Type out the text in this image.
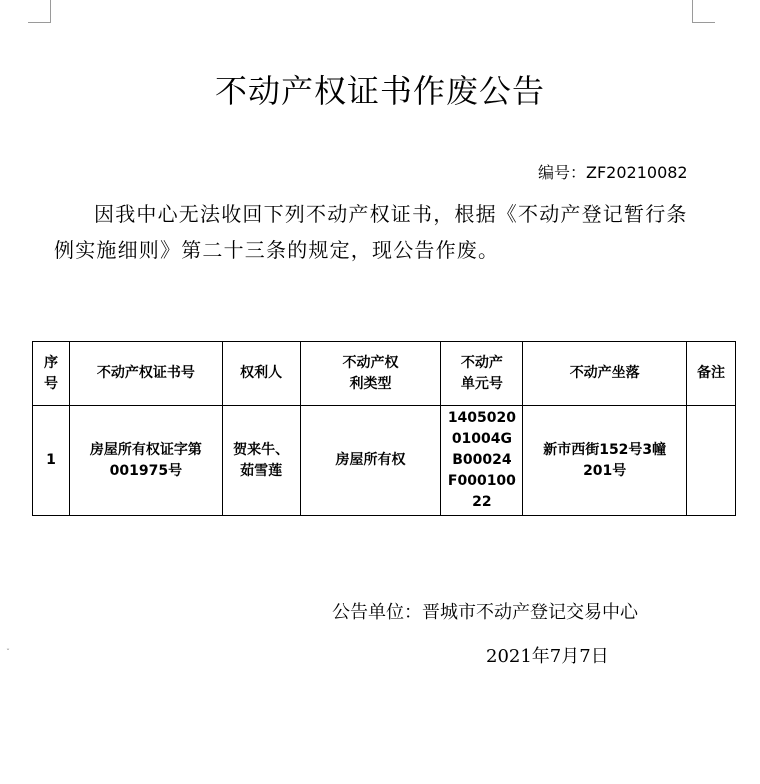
不动产权证书作废公告
编号：ZF20210082
因我中心无法收回下列不动产权证书，根据《不动产登记暂行条例实施细则》第二十三条的规定，现公告作废。
序号	不动产权证书号	权利人	不动产权利类型	不动产单元号	不动产坐落	备注
1	房屋所有权证字第001975号	贺来牛、茹雪莲	房屋所有权	140502001004GB00024F00010022	新市西街152号3幢201号	
公告单位：晋城市不动产登记交易中心
2021年7月7日
ˇ
